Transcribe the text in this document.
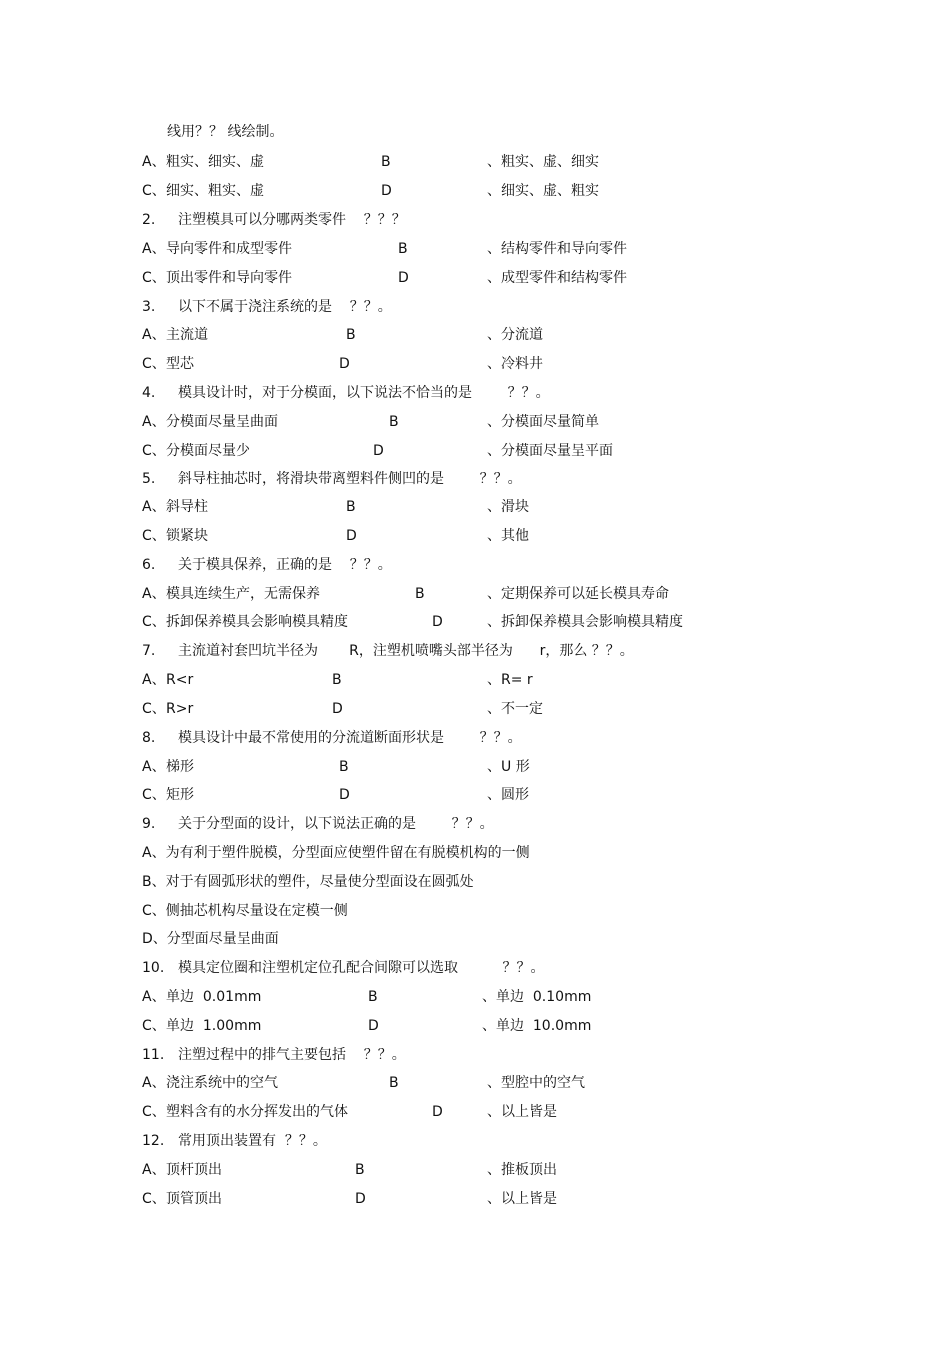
线用？？ 线绘制。

A、

粗实、细实、虚

	B

	、粗实、虚、细实

C、

细实、粗实、虚

	D

	、细实、虚、粗实

2.

注塑模具可以分哪两类零件    ？？？

A、

导向零件和成型零件

	B

	、结构零件和导向零件

C、

顶出零件和导向零件

	D

	、成型零件和结构零件

3.

以下不属于浇注系统的是    ？？。

A、

主流道

	B

	、分流道

C、

型芯

	D

	、冷料井

4.

模具设计时，对于分模面，以下说法不恰当的是        ？？。

A、

分模面尽量呈曲面

	B

	、分模面尽量简单

C、

分模面尽量少

	D

	、分模面尽量呈平面

5.

斜导柱抽芯时，将滑块带离塑料件侧凹的是        ？？。

A、

斜导柱

	B

	、滑块

C、

锁紧块

	D

	、其他

6.

关于模具保养，正确的是    ？？。

A、

模具连续生产，无需保养

	B

	、定期保养可以延长模具寿命

C、

拆卸保养模具会影响模具精度

	D

	、拆卸保养模具会影响模具精度

7.

主流道衬套凹坑半径为       R，注塑机喷嘴头部半径为      r，那么 ？？。

A、

R<r

	B

	、R= r

C、

R>r

	D

	、不一定

8.

模具设计中最不常使用的分流道断面形状是        ？？。

A、

梯形

	B

	、U 形

C、

矩形

	D

	、圆形

9.

关于分型面的设计，以下说法正确的是        ？？。

A、为有利于塑件脱模，分型面应使塑件留在有脱模机构的一侧

B、对于有圆弧形状的塑件，尽量使分型面设在圆弧处

C、侧抽芯机构尽量设在定模一侧

D、分型面尽量呈曲面

10.

模具定位圈和注塑机定位孔配合间隙可以选取          ？？。

A、

单边  0.01mm

	B

	、单边  0.10mm

C、

单边  1.00mm

	D

	、单边  10.0mm

11.

注塑过程中的排气主要包括    ？？。

A、

浇注系统中的空气

	B

	、型腔中的空气

C、

塑料含有的水分挥发出的气体

	D

	、以上皆是

12.

常用顶出装置有  ？？。

A、

顶杆顶出

	B

	、推板顶出

C、

顶管顶出

	D

	、以上皆是
